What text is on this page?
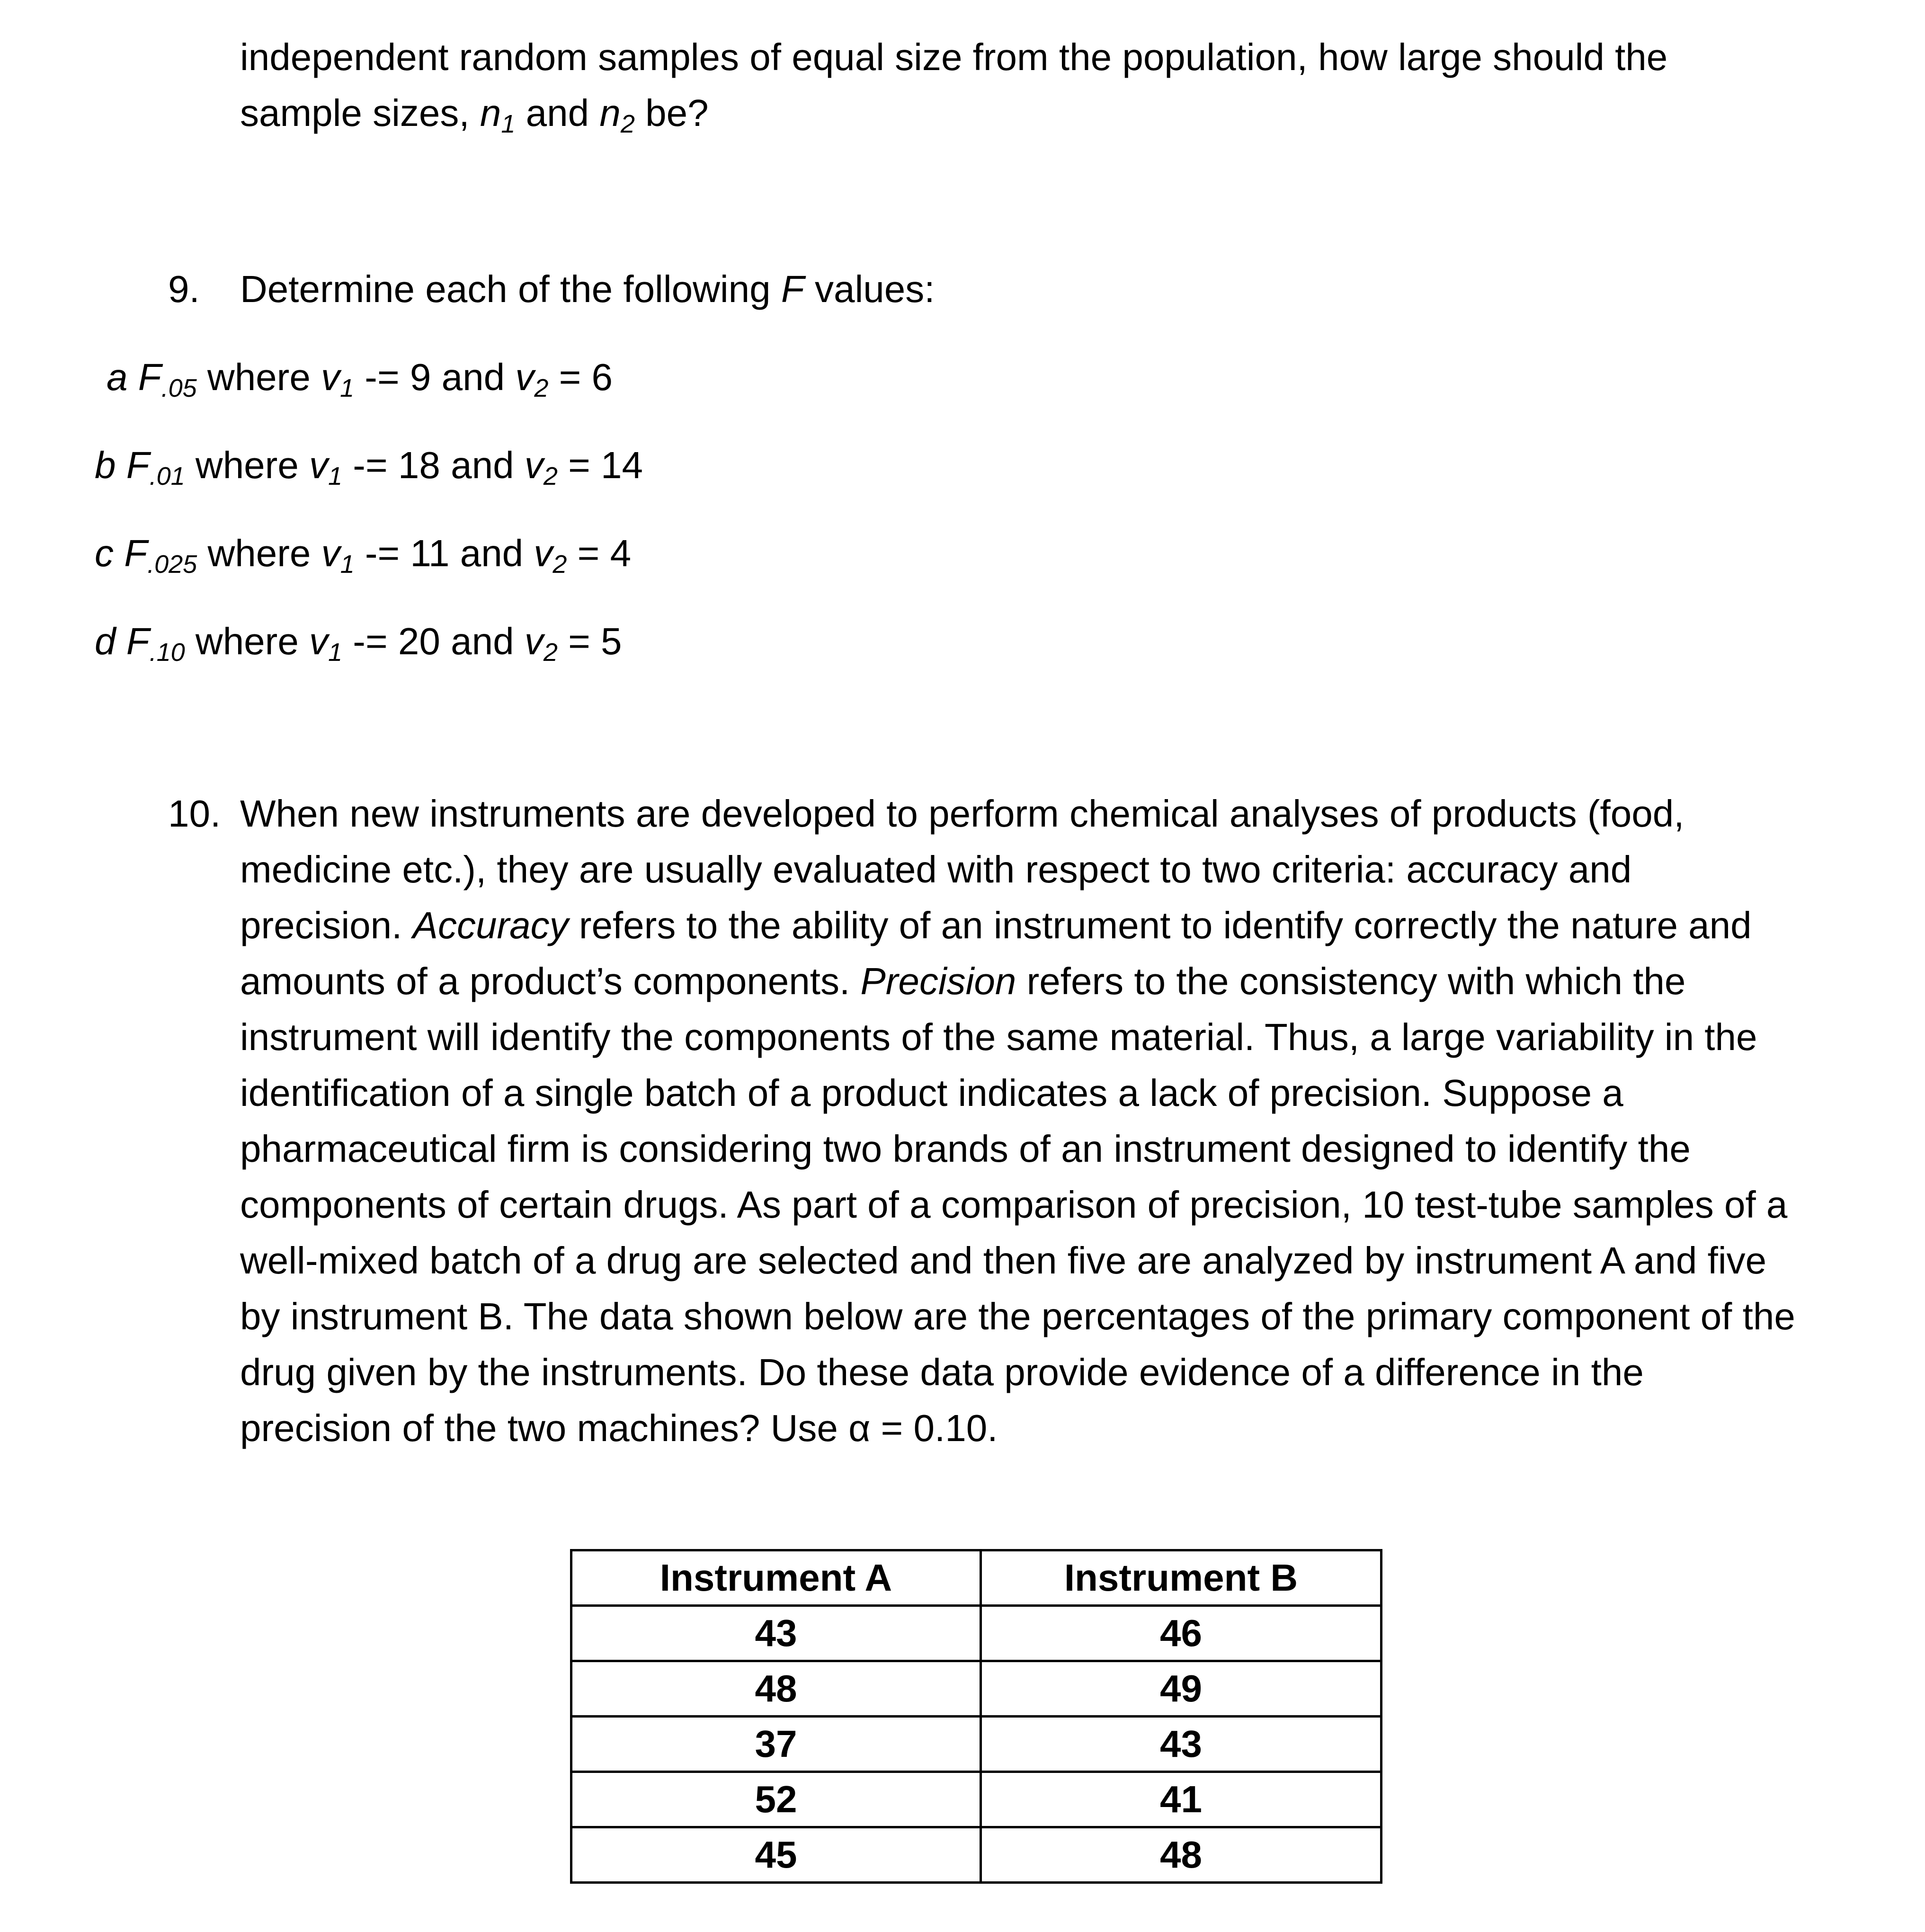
independent random samples of equal size from the population, how large should the
sample sizes, n1 and n2 be?
9. Determine each of the following F values:
a F.05 where v1 -= 9 and v2 = 6
b F.01 where v1 -= 18 and v2 = 14
c F.025 where v1 -= 11 and v2 = 4
d F.10 where v1 -= 20 and v2 = 5
10. When new instruments are developed to perform chemical analyses of products (food, medicine etc.), they are usually evaluated with respect to two criteria: accuracy and precision. Accuracy refers to the ability of an instrument to identify correctly the nature and amounts of a product’s components. Precision refers to the consistency with which the instrument will identify the components of the same material. Thus, a large variability in the identification of a single batch of a product indicates a lack of precision. Suppose a pharmaceutical firm is considering two brands of an instrument designed to identify the components of certain drugs. As part of a comparison of precision, 10 test-tube samples of a well-mixed batch of a drug are selected and then five are analyzed by instrument A and five by instrument B. The data shown below are the percentages of the primary component of the drug given by the instruments. Do these data provide evidence of a difference in the precision of the two machines? Use α = 0.10.
Instrument A	Instrument B
43	46
48	49
37	43
52	41
45	48
